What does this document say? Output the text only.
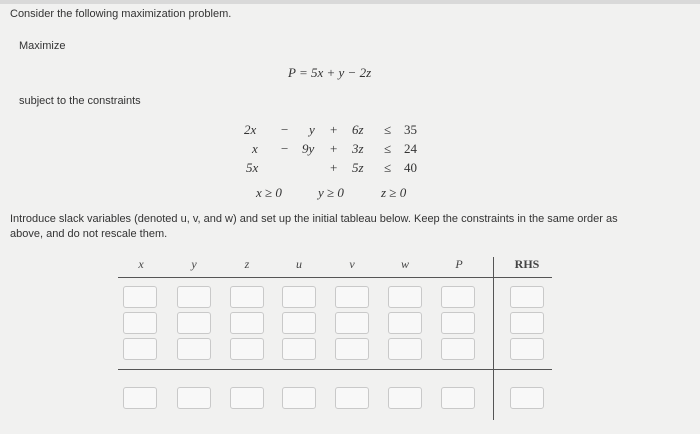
Consider the following maximization problem.
Maximize
P = 5x + y − 2z
subject to the constraints
2x − y + 6z ≤ 35
x − 9y + 3z ≤ 24
5x	+ 5z ≤ 40
x ≥ 0	y ≥ 0	z ≥ 0
Introduce slack variables (denoted u, v, and w) and set up the initial tableau below. Keep the constraints in the same order as above, and do not rescale them.
x	y	z	u	v	w	P	RHS
